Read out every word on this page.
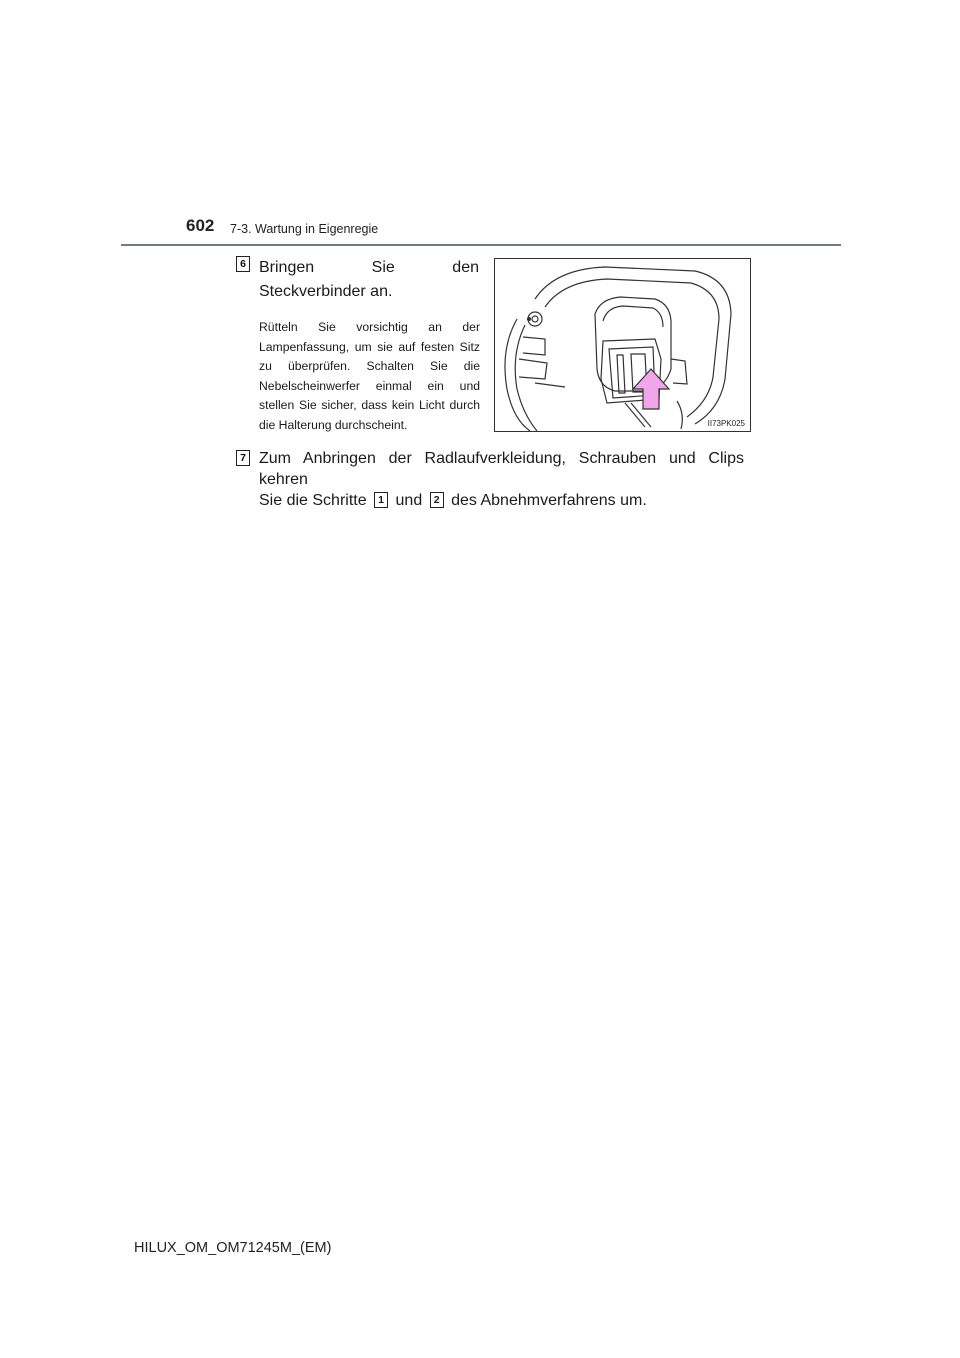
602 7-3. Wartung in Eigenregie
6 Bringen Sie den Steckverbinder an.
Rütteln Sie vorsichtig an der Lampenfassung, um sie auf festen Sitz zu überprüfen. Schalten Sie die Nebelscheinwerfer einmal ein und stellen Sie sicher, dass kein Licht durch die Halterung durchscheint.	II73PK025
7 Zum Anbringen der Radlaufverkleidung, Schrauben und Clips kehren
Sie die Schritte 1 und 2 des Abnehmverfahrens um.
HILUX_OM_OM71245M_(EM)
